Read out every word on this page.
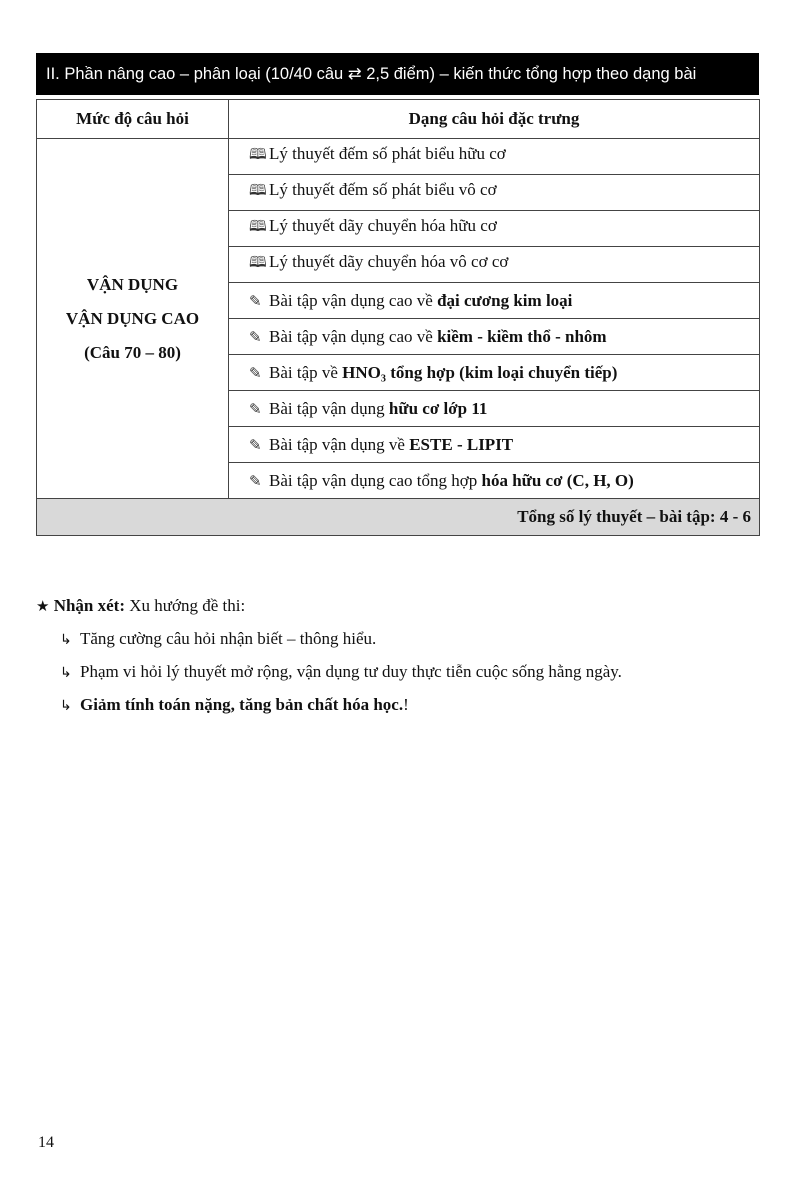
II. Phần nâng cao – phân loại (10/40 câu ⇄ 2,5 điểm) – kiến thức tổng hợp theo dạng bài
Mức độ câu hỏi	Dạng câu hỏi đặc trưng

VẬN DỤNG
VẬN DỤNG CAO
(Câu 70 – 80)	🕮 Lý thuyết đếm số phát biểu hữu cơ
	🕮 Lý thuyết đếm số phát biểu vô cơ
	🕮 Lý thuyết dãy chuyển hóa hữu cơ
	🕮 Lý thuyết dãy chuyển hóa vô cơ cơ
	✎ Bài tập vận dụng cao về đại cương kim loại
	✎ Bài tập vận dụng cao về kiềm - kiềm thổ - nhôm
	✎ Bài tập về HNO₃ tổng hợp (kim loại chuyển tiếp)
	✎ Bài tập vận dụng hữu cơ lớp 11
	✎ Bài tập vận dụng về ESTE - LIPIT
	✎ Bài tập vận dụng cao tổng hợp hóa hữu cơ (C, H, O)
Tổng số lý thuyết – bài tập: 4 - 6	
★ Nhận xét: Xu hướng đề thi:
↳ Tăng cường câu hỏi nhận biết – thông hiểu.
↳ Phạm vi hỏi lý thuyết mở rộng, vận dụng tư duy thực tiễn cuộc sống hằng ngày.
↳ Giảm tính toán nặng, tăng bản chất hóa học.!
14
